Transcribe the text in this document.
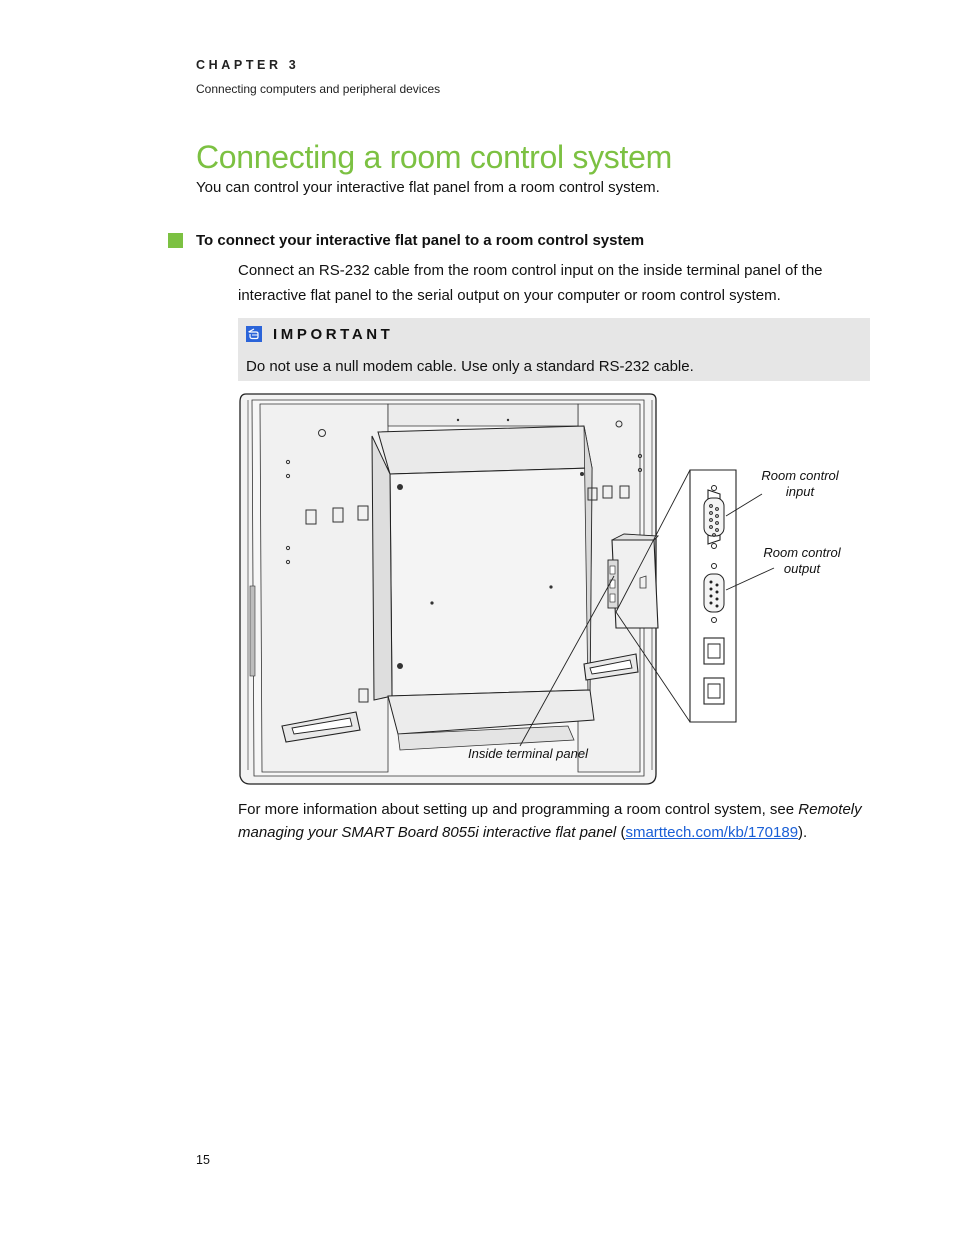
CHAPTER 3
Connecting computers and peripheral devices
Connecting a room control system
You can control your interactive flat panel from a room control system.
To connect your interactive flat panel to a room control system
Connect an RS-232 cable from the room control input on the inside terminal panel of the interactive flat panel to the serial output on your computer or room control system.
IMPORTANT
Do not use a null modem cable. Use only a standard RS-232 cable.
Room control
input
Room control
output
Inside terminal panel
For more information about setting up and programming a room control system, see Remotely managing your SMART Board 8055i interactive flat panel (smarttech.com/kb/170189).
15
